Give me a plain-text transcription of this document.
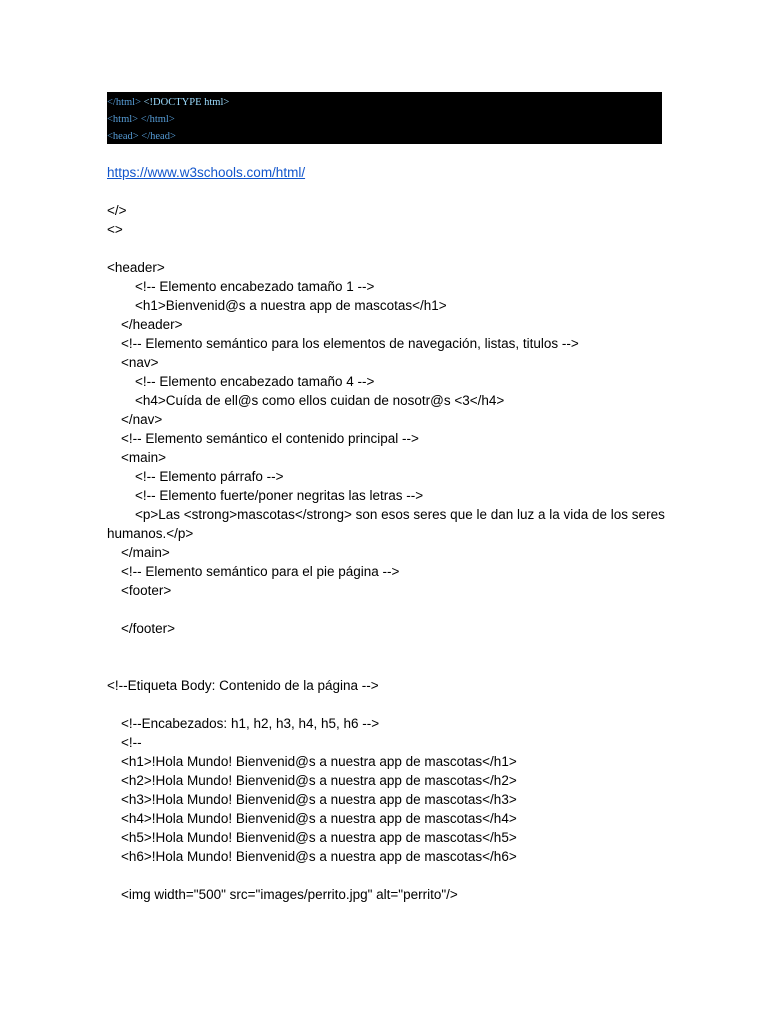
</html> <!DOCTYPE html>
<html> </html>
<head> </head>
https://www.w3schools.com/html/
</>
<>
<header>
<!-- Elemento encabezado tamaño 1 -->
<h1>Bienvenid@s a nuestra app de mascotas</h1>
</header>
<!-- Elemento semántico para los elementos de navegación, listas, titulos -->
<nav>
<!-- Elemento encabezado tamaño 4 -->
<h4>Cuída de ell@s como ellos cuidan de nosotr@s <3</h4>
</nav>
<!-- Elemento semántico el contenido principal -->
<main>
<!-- Elemento párrafo -->
<!-- Elemento fuerte/poner negritas las letras -->
<p>Las <strong>mascotas</strong> son esos seres que le dan luz a la vida de los seres
humanos.</p>
</main>
<!-- Elemento semántico para el pie página -->
<footer>
</footer>
<!--Etiqueta Body: Contenido de la página -->
<!--Encabezados: h1, h2, h3, h4, h5, h6 -->
<!--
<h1>!Hola Mundo! Bienvenid@s a nuestra app de mascotas</h1>
<h2>!Hola Mundo! Bienvenid@s a nuestra app de mascotas</h2>
<h3>!Hola Mundo! Bienvenid@s a nuestra app de mascotas</h3>
<h4>!Hola Mundo! Bienvenid@s a nuestra app de mascotas</h4>
<h5>!Hola Mundo! Bienvenid@s a nuestra app de mascotas</h5>
<h6>!Hola Mundo! Bienvenid@s a nuestra app de mascotas</h6>
<img width="500" src="images/perrito.jpg" alt="perrito"/>
